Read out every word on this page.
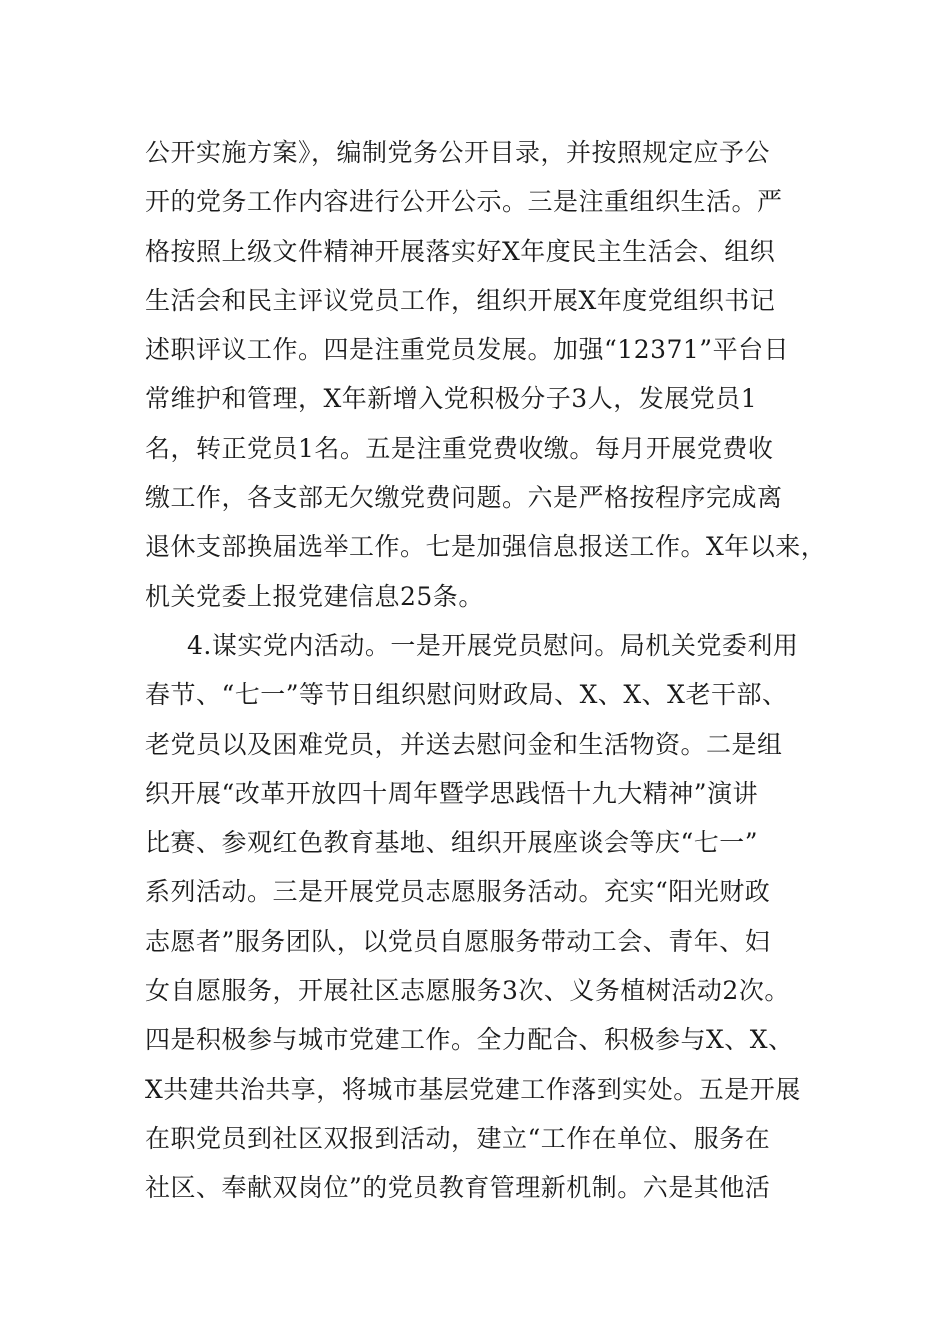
公开实施方案》，编制党务公开目录，并按照规定应予公
开的党务工作内容进行公开公示。三是注重组织生活。严
格按照上级文件精神开展落实好X年度民主生活会、组织
生活会和民主评议党员工作，组织开展X年度党组织书记
述职评议工作。四是注重党员发展。加强“12371”平台日
常维护和管理，X年新增入党积极分子3人，发展党员1
名，转正党员1名。五是注重党费收缴。每月开展党费收
缴工作，各支部无欠缴党费问题。六是严格按程序完成离
退休支部换届选举工作。七是加强信息报送工作。X年以来，
机关党委上报党建信息25条。
4.谋实党内活动。一是开展党员慰问。局机关党委利用
春节、“七一”等节日组织慰问财政局、X、X、X老干部、
老党员以及困难党员，并送去慰问金和生活物资。二是组
织开展“改革开放四十周年暨学思践悟十九大精神”演讲
比赛、参观红色教育基地、组织开展座谈会等庆“七一”
系列活动。三是开展党员志愿服务活动。充实“阳光财政
志愿者”服务团队，以党员自愿服务带动工会、青年、妇
女自愿服务，开展社区志愿服务3次、义务植树活动2次。
四是积极参与城市党建工作。全力配合、积极参与X、X、
X共建共治共享，将城市基层党建工作落到实处。五是开展
在职党员到社区双报到活动，建立“工作在单位、服务在
社区、奉献双岗位”的党员教育管理新机制。六是其他活
